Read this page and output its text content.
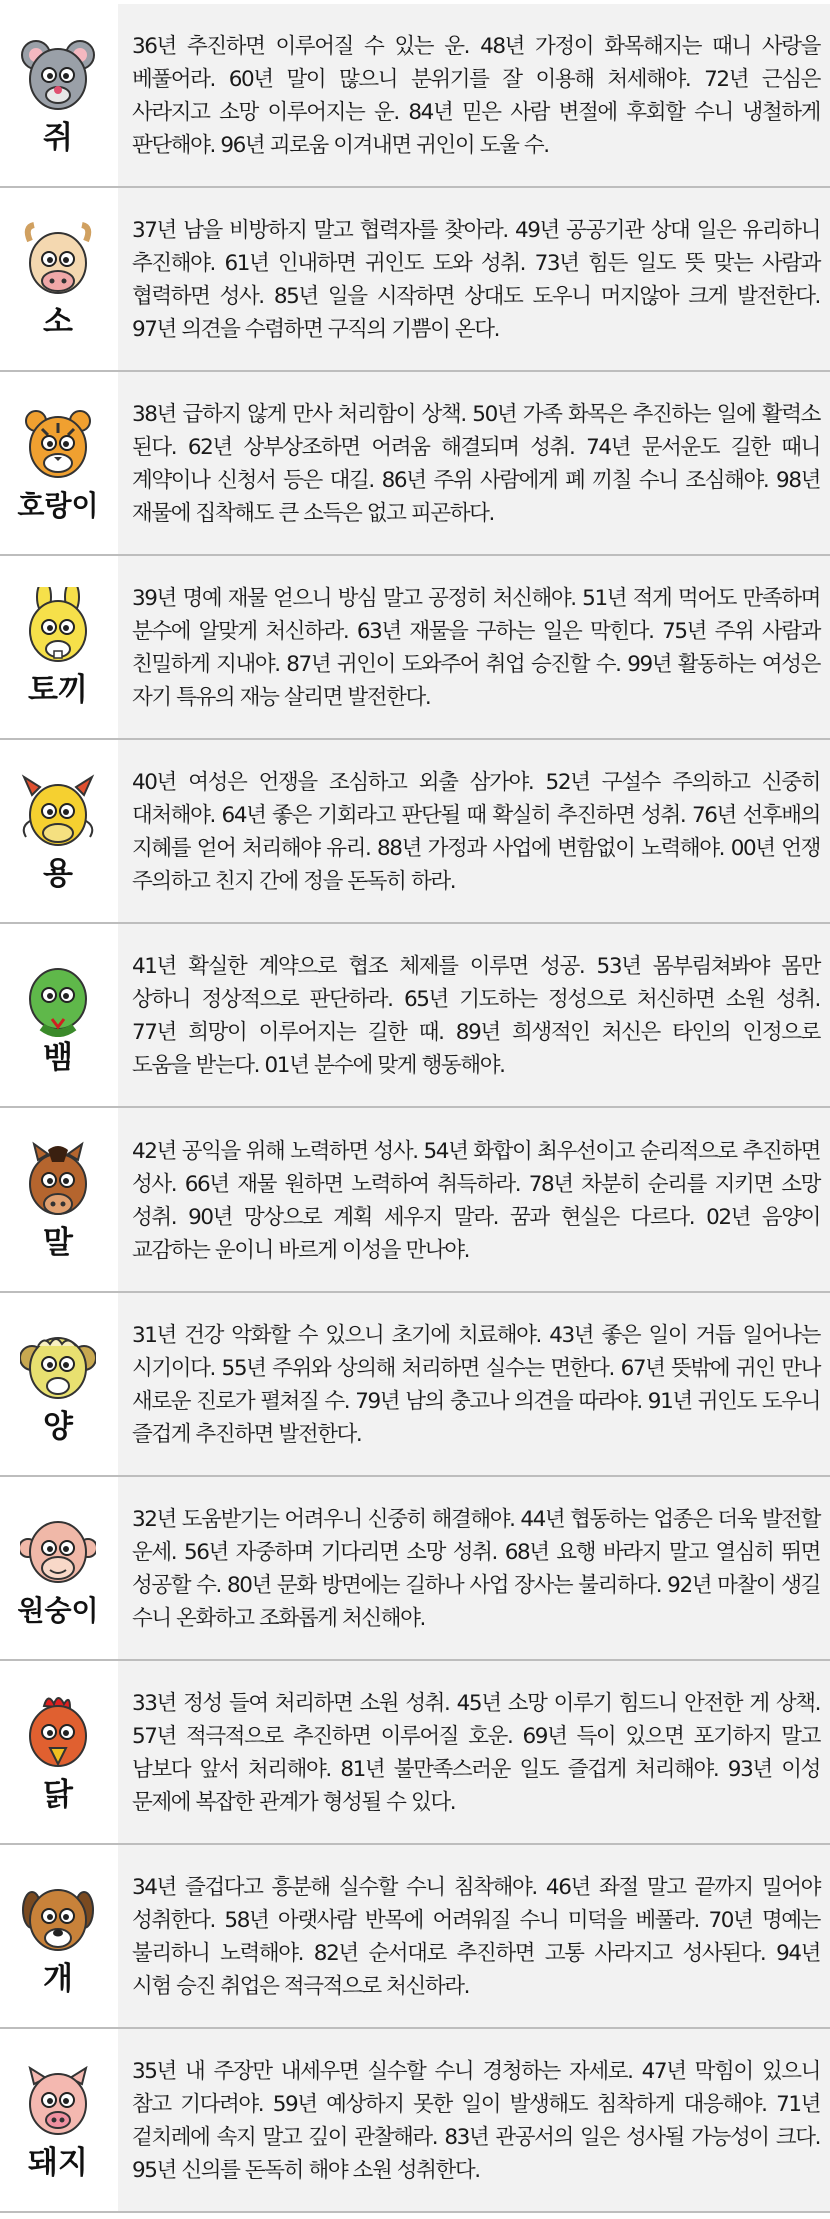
쥐

36년 추진하면 이루어질 수 있는 운. 48년 가정이 화목해지는 때니 사랑을 베풀어라. 60년 말이 많으니 분위기를 잘 이용해 처세해야. 72년 근심은 사라지고 소망 이루어지는 운. 84년 믿은 사람 변절에 후회할 수니 냉철하게 판단해야. 96년 괴로움 이겨내면 귀인이 도울 수.

소

37년 남을 비방하지 말고 협력자를 찾아라. 49년 공공기관 상대 일은 유리하니 추진해야. 61년 인내하면 귀인도 도와 성취. 73년 힘든 일도 뜻 맞는 사람과 협력하면 성사. 85년 일을 시작하면 상대도 도우니 머지않아 크게 발전한다. 97년 의견을 수렴하면 구직의 기쁨이 온다.

호랑이

38년 급하지 않게 만사 처리함이 상책. 50년 가족 화목은 추진하는 일에 활력소 된다. 62년 상부상조하면 어려움 해결되며 성취. 74년 문서운도 길한 때니 계약이나 신청서 등은 대길. 86년 주위 사람에게 폐 끼칠 수니 조심해야. 98년 재물에 집착해도 큰 소득은 없고 피곤하다.

토끼

39년 명예 재물 얻으니 방심 말고 공정히 처신해야. 51년 적게 먹어도 만족하며 분수에 알맞게 처신하라. 63년 재물을 구하는 일은 막힌다. 75년 주위 사람과 친밀하게 지내야. 87년 귀인이 도와주어 취업 승진할 수. 99년 활동하는 여성은 자기 특유의 재능 살리면 발전한다.

용

40년 여성은 언쟁을 조심하고 외출 삼가야. 52년 구설수 주의하고 신중히 대처해야. 64년 좋은 기회라고 판단될 때 확실히 추진하면 성취. 76년 선후배의 지혜를 얻어 처리해야 유리. 88년 가정과 사업에 변함없이 노력해야. 00년 언쟁 주의하고 친지 간에 정을 돈독히 하라.

뱀

41년 확실한 계약으로 협조 체제를 이루면 성공. 53년 몸부림쳐봐야 몸만 상하니 정상적으로 판단하라. 65년 기도하는 정성으로 처신하면 소원 성취. 77년 희망이 이루어지는 길한 때. 89년 희생적인 처신은 타인의 인정으로 도움을 받는다. 01년 분수에 맞게 행동해야.

말

42년 공익을 위해 노력하면 성사. 54년 화합이 최우선이고 순리적으로 추진하면 성사. 66년 재물 원하면 노력하여 취득하라. 78년 차분히 순리를 지키면 소망 성취. 90년 망상으로 계획 세우지 말라. 꿈과 현실은 다르다. 02년 음양이 교감하는 운이니 바르게 이성을 만나야.

양

31년 건강 악화할 수 있으니 초기에 치료해야. 43년 좋은 일이 거듭 일어나는 시기이다. 55년 주위와 상의해 처리하면 실수는 면한다. 67년 뜻밖에 귀인 만나 새로운 진로가 펼쳐질 수. 79년 남의 충고나 의견을 따라야. 91년 귀인도 도우니 즐겁게 추진하면 발전한다.

원숭이

32년 도움받기는 어려우니 신중히 해결해야. 44년 협동하는 업종은 더욱 발전할 운세. 56년 자중하며 기다리면 소망 성취. 68년 요행 바라지 말고 열심히 뛰면 성공할 수. 80년 문화 방면에는 길하나 사업 장사는 불리하다. 92년 마찰이 생길 수니 온화하고 조화롭게 처신해야.

닭

33년 정성 들여 처리하면 소원 성취. 45년 소망 이루기 힘드니 안전한 게 상책. 57년 적극적으로 추진하면 이루어질 호운. 69년 득이 있으면 포기하지 말고 남보다 앞서 처리해야. 81년 불만족스러운 일도 즐겁게 처리해야. 93년 이성 문제에 복잡한 관계가 형성될 수 있다.

개

34년 즐겁다고 흥분해 실수할 수니 침착해야. 46년 좌절 말고 끝까지 밀어야 성취한다. 58년 아랫사람 반목에 어려워질 수니 미덕을 베풀라. 70년 명예는 불리하니 노력해야. 82년 순서대로 추진하면 고통 사라지고 성사된다. 94년 시험 승진 취업은 적극적으로 처신하라.

돼지

35년 내 주장만 내세우면 실수할 수니 경청하는 자세로. 47년 막힘이 있으니 참고 기다려야. 59년 예상하지 못한 일이 발생해도 침착하게 대응해야. 71년 겉치레에 속지 말고 깊이 관찰해라. 83년 관공서의 일은 성사될 가능성이 크다. 95년 신의를 돈독히 해야 소원 성취한다.
